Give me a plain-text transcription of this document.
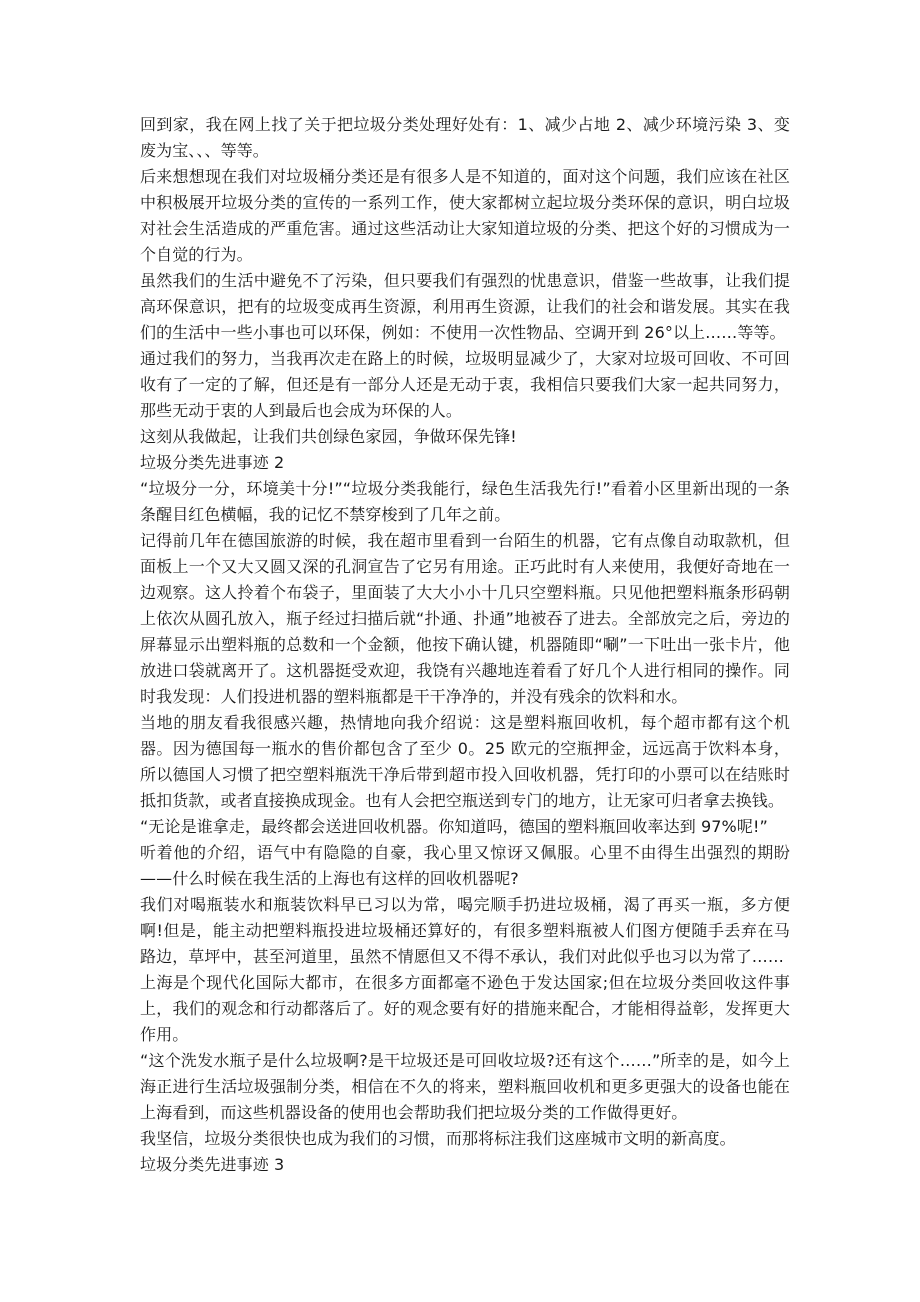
回到家，我在网上找了关于把垃圾分类处理好处有：1、减少占地 2、减少环境污染 3、变废为宝、、、等等。

后来想想现在我们对垃圾桶分类还是有很多人是不知道的，面对这个问题，我们应该在社区中积极展开垃圾分类的宣传的一系列工作，使大家都树立起垃圾分类环保的意识，明白垃圾对社会生活造成的严重危害。通过这些活动让大家知道垃圾的分类、把这个好的习惯成为一个自觉的行为。

虽然我们的生活中避免不了污染，但只要我们有强烈的忧患意识，借鉴一些故事，让我们提高环保意识，把有的垃圾变成再生资源，利用再生资源，让我们的社会和谐发展。其实在我们的生活中一些小事也可以环保，例如：不使用一次性物品、空调开到 26°以上……等等。

通过我们的努力，当我再次走在路上的时候，垃圾明显减少了，大家对垃圾可回收、不可回收有了一定的了解，但还是有一部分人还是无动于衷，我相信只要我们大家一起共同努力，那些无动于衷的人到最后也会成为环保的人。

这刻从我做起，让我们共创绿色家园，争做环保先锋!

垃圾分类先进事迹 2

“垃圾分一分，环境美十分!”“垃圾分类我能行，绿色生活我先行!”看着小区里新出现的一条条醒目红色横幅，我的记忆不禁穿梭到了几年之前。

记得前几年在德国旅游的时候，我在超市里看到一台陌生的机器，它有点像自动取款机，但面板上一个又大又圆又深的孔洞宣告了它另有用途。正巧此时有人来使用，我便好奇地在一边观察。这人拎着个布袋子，里面装了大大小小十几只空塑料瓶。只见他把塑料瓶条形码朝上依次从圆孔放入，瓶子经过扫描后就“扑通、扑通”地被吞了进去。全部放完之后，旁边的屏幕显示出塑料瓶的总数和一个金额，他按下确认键，机器随即“唰”一下吐出一张卡片，他放进口袋就离开了。这机器挺受欢迎，我饶有兴趣地连着看了好几个人进行相同的操作。同时我发现：人们投进机器的塑料瓶都是干干净净的，并没有残余的饮料和水。

当地的朋友看我很感兴趣，热情地向我介绍说：这是塑料瓶回收机，每个超市都有这个机器。因为德国每一瓶水的售价都包含了至少 0。25 欧元的空瓶押金，远远高于饮料本身，所以德国人习惯了把空塑料瓶洗干净后带到超市投入回收机器，凭打印的小票可以在结账时抵扣货款，或者直接换成现金。也有人会把空瓶送到专门的地方，让无家可归者拿去换钱。

“无论是谁拿走，最终都会送进回收机器。你知道吗，德国的塑料瓶回收率达到 97%呢!”

听着他的介绍，语气中有隐隐的自豪，我心里又惊讶又佩服。心里不由得生出强烈的期盼——什么时候在我生活的上海也有这样的回收机器呢?

我们对喝瓶装水和瓶装饮料早已习以为常，喝完顺手扔进垃圾桶，渴了再买一瓶，多方便啊!但是，能主动把塑料瓶投进垃圾桶还算好的，有很多塑料瓶被人们图方便随手丢弃在马路边，草坪中，甚至河道里，虽然不情愿但又不得不承认，我们对此似乎也习以为常了……

上海是个现代化国际大都市，在很多方面都毫不逊色于发达国家;但在垃圾分类回收这件事上，我们的观念和行动都落后了。好的观念要有好的措施来配合，才能相得益彰，发挥更大作用。

“这个洗发水瓶子是什么垃圾啊?是干垃圾还是可回收垃圾?还有这个……”所幸的是，如今上海正进行生活垃圾强制分类，相信在不久的将来，塑料瓶回收机和更多更强大的设备也能在上海看到，而这些机器设备的使用也会帮助我们把垃圾分类的工作做得更好。

我坚信，垃圾分类很快也成为我们的习惯，而那将标注我们这座城市文明的新高度。

垃圾分类先进事迹 3
